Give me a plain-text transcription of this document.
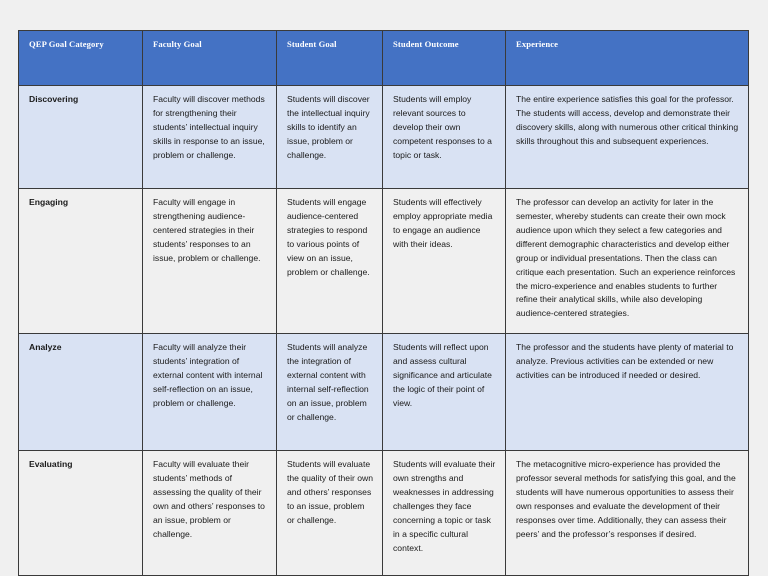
QEP Goal Category	Faculty Goal	Student Goal	Student Outcome	Experience

Discovering	Faculty will discover methods for strengthening their students’ intellectual inquiry skills in response to an issue, problem or challenge.	Students will discover the intellectual inquiry skills to identify an issue, problem or challenge.	Students will employ relevant sources to develop their own competent responses to a topic or task.	The entire experience satisfies this goal for the professor. The students will access, develop and demonstrate their discovery skills, along with numerous other critical thinking skills throughout this and subsequent experiences.

Engaging	Faculty will engage in strengthening audience-centered strategies in their students’ responses to an issue, problem or challenge.	Students will engage audience-centered strategies to respond to various points of view on an issue, problem or challenge.	Students will effectively employ appropriate media to engage an audience with their ideas.	The professor can develop an activity for later in the semester, whereby students can create their own mock audience upon which they select a few categories and different demographic characteristics and develop either group or individual presentations. Then the class can critique each presentation. Such an experience reinforces the micro-experience and enables students to further refine their analytical skills, while also developing audience-centered strategies.

Analyze	Faculty will analyze their students’ integration of external content with internal self-reflection on an issue, problem or challenge.	Students will analyze the integration of external content with internal self-reflection on an issue, problem or challenge.	Students will reflect upon and assess cultural significance and articulate the logic of their point of view.	The professor and the students have plenty of material to analyze. Previous activities can be extended or new activities can be introduced if needed or desired.

Evaluating	Faculty will evaluate their students’ methods of assessing the quality of their own and others’ responses to an issue, problem or challenge.	Students will evaluate the quality of their own and others’ responses to an issue, problem or challenge.	Students will evaluate their own strengths and weaknesses in addressing challenges they face concerning a topic or task in a specific cultural context.	The metacognitive micro-experience has provided the professor several methods for satisfying this goal, and the students will have numerous opportunities to assess their own responses and evaluate the development of their responses over time. Additionally, they can assess their peers’ and the professor’s responses if desired.
